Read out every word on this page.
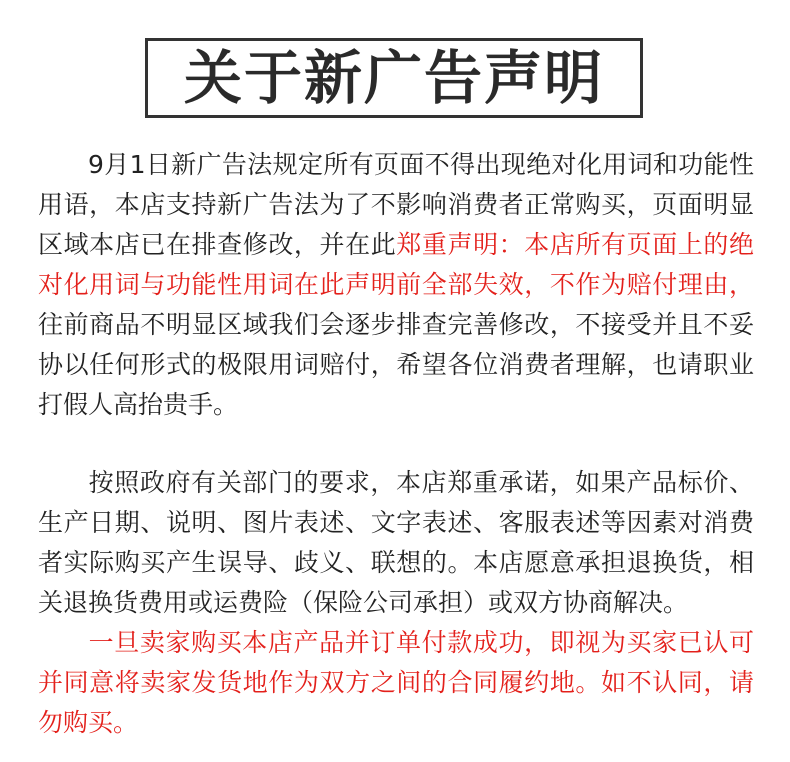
关于新广告声明

9月1日新广告法规定所有页面不得出现绝对化用词和功能性用语，本店支持新广告法为了不影响消费者正常购买，页面明显区域本店已在排查修改，并在此郑重声明：本店所有页面上的绝对化用词与功能性用词在此声明前全部失效，不作为赔付理由，往前商品不明显区域我们会逐步排查完善修改，不接受并且不妥协以任何形式的极限用词赔付，希望各位消费者理解，也请职业打假人高抬贵手。

按照政府有关部门的要求，本店郑重承诺，如果产品标价、生产日期、说明、图片表述、文字表述、客服表述等因素对消费者实际购买产生误导、歧义、联想的。本店愿意承担退换货，相关退换货费用或运费险（保险公司承担）或双方协商解决。

一旦卖家购买本店产品并订单付款成功，即视为买家已认可并同意将卖家发货地作为双方之间的合同履约地。如不认同，请勿购买。
